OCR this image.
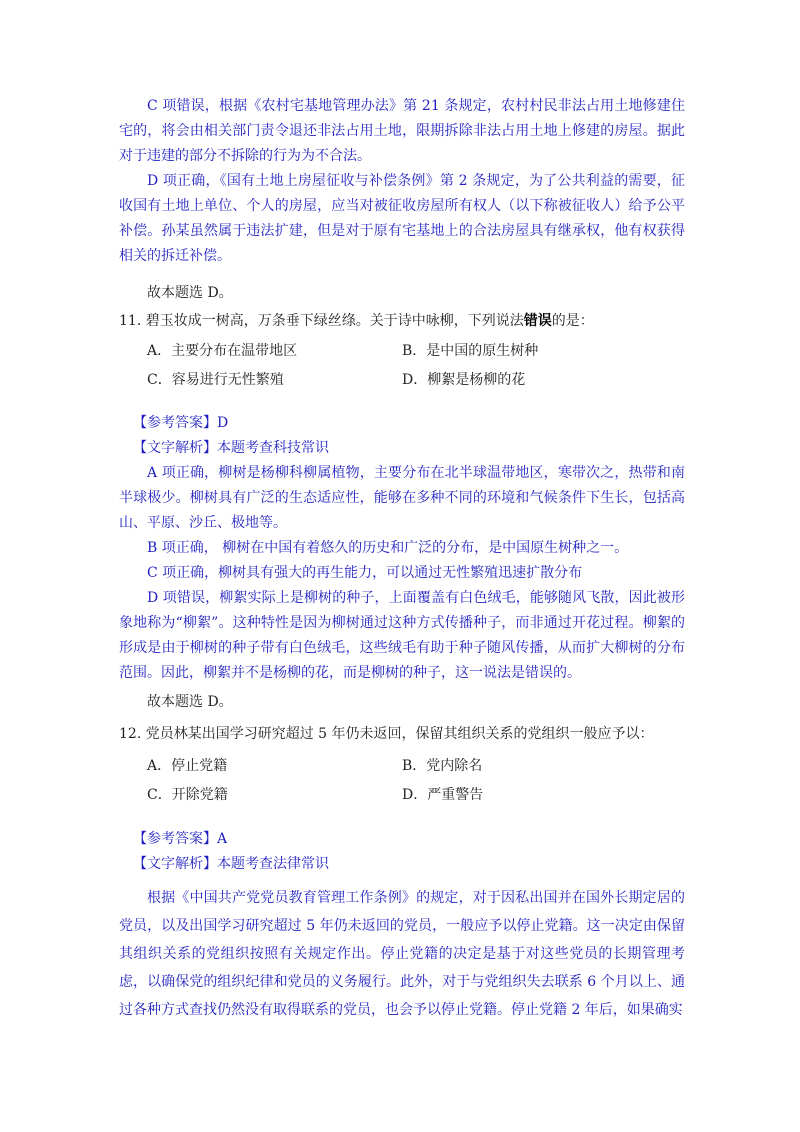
C 项错误，根据《农村宅基地管理办法》第 21 条规定，农村村民非法占用土地修建住宅的，将会由相关部门责令退还非法占用土地，限期拆除非法占用土地上修建的房屋。据此对于违建的部分不拆除的行为为不合法。

D 项正确，《国有土地上房屋征收与补偿条例》第 2 条规定，为了公共利益的需要，征收国有土地上单位、个人的房屋，应当对被征收房屋所有权人（以下称被征收人）给予公平补偿。孙某虽然属于违法扩建，但是对于原有宅基地上的合法房屋具有继承权，他有权获得相关的拆迁补偿。

故本题选 D。

11. 碧玉妆成一树高，万条垂下绿丝绦。关于诗中咏柳，下列说法错误的是：

A．主要分布在温带地区	B．是中国的原生树种

C．容易进行无性繁殖	D．柳絮是杨柳的花

【参考答案】D

【文字解析】本题考查科技常识

A 项正确，柳树是杨柳科柳属植物，主要分布在北半球温带地区，寒带次之，热带和南半球极少。柳树具有广泛的生态适应性，能够在多种不同的环境和气候条件下生长，包括高山、平原、沙丘、极地等。

B 项正确， 柳树在中国有着悠久的历史和广泛的分布，是中国原生树种之一。

C 项正确，柳树具有强大的再生能力，可以通过无性繁殖迅速扩散分布

D 项错误，柳絮实际上是柳树的种子，上面覆盖有白色绒毛，能够随风飞散，因此被形象地称为“柳絮”。这种特性是因为柳树通过这种方式传播种子，而非通过开花过程。柳絮的形成是由于柳树的种子带有白色绒毛，这些绒毛有助于种子随风传播，从而扩大柳树的分布范围。因此，柳絮并不是杨柳的花，而是柳树的种子，这一说法是错误的。

故本题选 D。

12. 党员林某出国学习研究超过 5 年仍未返回，保留其组织关系的党组织一般应予以：

A．停止党籍	B．党内除名

C．开除党籍	D．严重警告

【参考答案】A

【文字解析】本题考查法律常识

根据《中国共产党党员教育管理工作条例》的规定，对于因私出国并在国外长期定居的党员，以及出国学习研究超过 5 年仍未返回的党员，一般应予以停止党籍。这一决定由保留其组织关系的党组织按照有关规定作出。停止党籍的决定是基于对这些党员的长期管理考虑，以确保党的组织纪律和党员的义务履行。此外，对于与党组织失去联系 6 个月以上、通过各种方式查找仍然没有取得联系的党员，也会予以停止党籍。停止党籍 2 年后，如果确实
